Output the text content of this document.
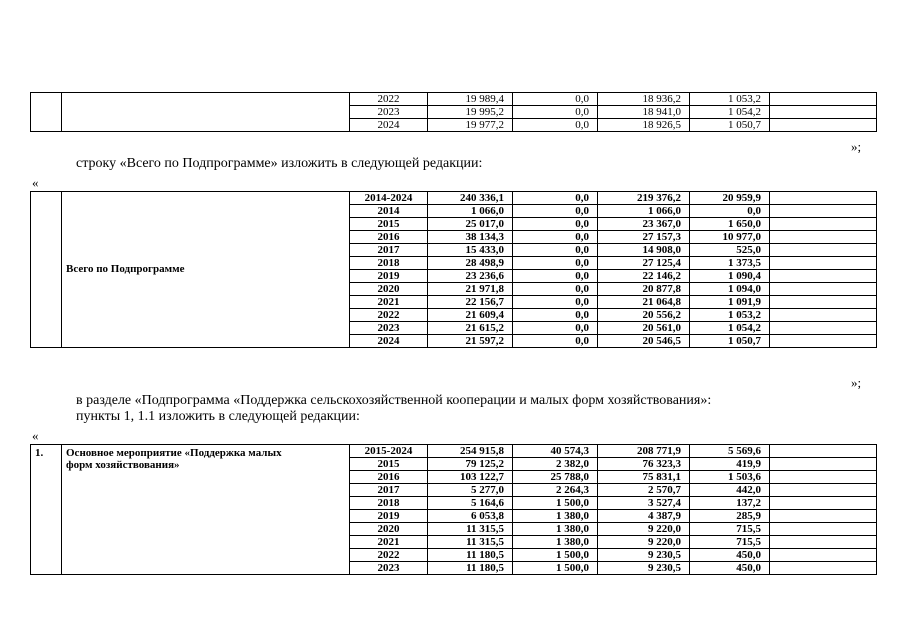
		2022	19 989,4	0,0	18 936,2	1 053,2	
		2023	19 995,2	0,0	18 941,0	1 054,2	
		2024	19 977,2	0,0	18 926,5	1 050,7	
»;
строку «Всего по Подпрограмме» изложить в следующей редакции:
«

	Всего по Подпрограмме	2014-2024	240 336,1	0,0	219 376,2	20 959,9	
		2014	1 066,0	0,0	1 066,0	0,0	
		2015	25 017,0	0,0	23 367,0	1 650,0	
		2016	38 134,3	0,0	27 157,3	10 977,0	
		2017	15 433,0	0,0	14 908,0	525,0	
		2018	28 498,9	0,0	27 125,4	1 373,5	
		2019	23 236,6	0,0	22 146,2	1 090,4	
		2020	21 971,8	0,0	20 877,8	1 094,0	
		2021	22 156,7	0,0	21 064,8	1 091,9	
		2022	21 609,4	0,0	20 556,2	1 053,2	
		2023	21 615,2	0,0	20 561,0	1 054,2	
		2024	21 597,2	0,0	20 546,5	1 050,7	
»;
в разделе «Подпрограмма «Поддержка сельскохозяйственной кооперации и малых форм хозяйствования»:
пункты 1, 1.1 изложить в следующей редакции:
«
1.	Основное мероприятие «Поддержка малых
форм хозяйствования»	2015-2024	254 915,8	40 574,3	208 771,9	5 569,6	
		2015	79 125,2	2 382,0	76 323,3	419,9	
		2016	103 122,7	25 788,0	75 831,1	1 503,6	
		2017	5 277,0	2 264,3	2 570,7	442,0	
		2018	5 164,6	1 500,0	3 527,4	137,2	
		2019	6 053,8	1 380,0	4 387,9	285,9	
		2020	11 315,5	1 380,0	9 220,0	715,5	
		2021	11 315,5	1 380,0	9 220,0	715,5	
		2022	11 180,5	1 500,0	9 230,5	450,0	
		2023	11 180,5	1 500,0	9 230,5	450,0	
